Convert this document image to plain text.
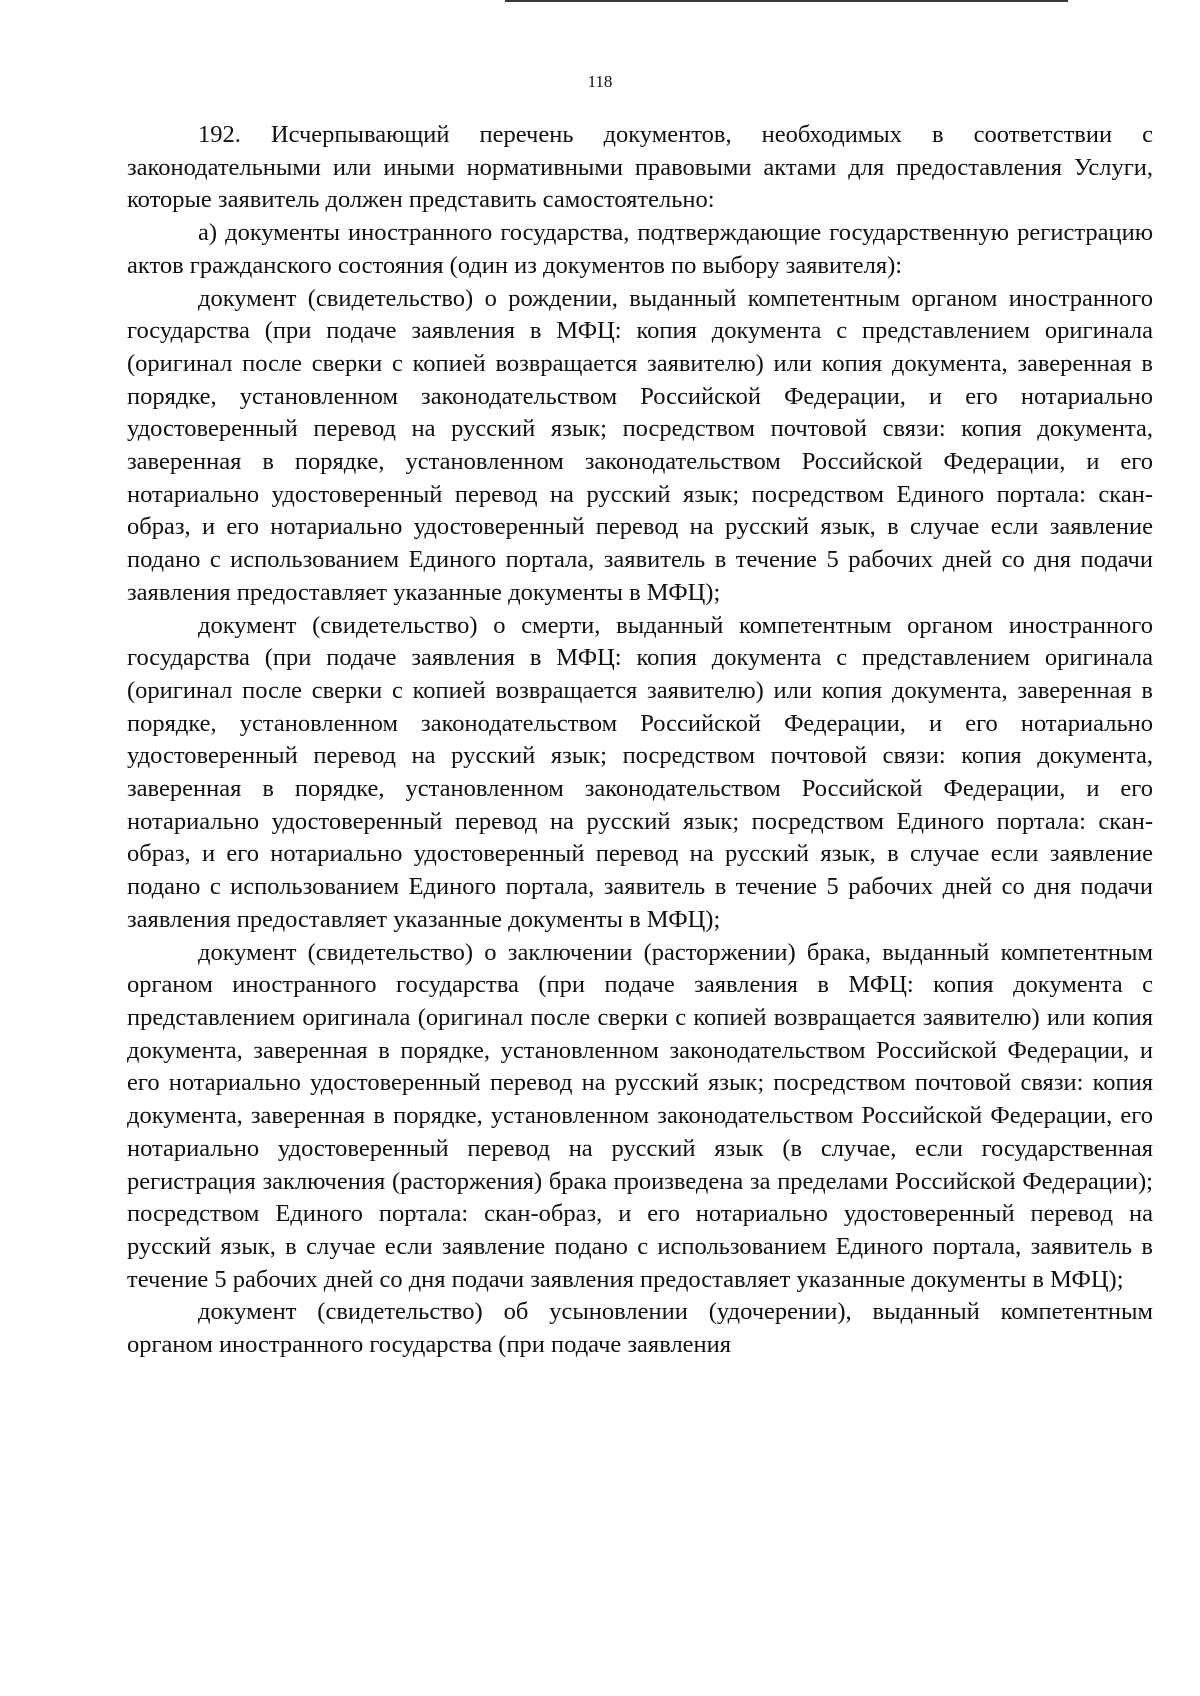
118

192. Исчерпывающий перечень документов, необходимых в соответствии с законодательными или иными нормативными правовыми актами для предоставления Услуги, которые заявитель должен представить самостоятельно:

а) документы иностранного государства, подтверждающие государственную регистрацию актов гражданского состояния (один из документов по выбору заявителя):

документ (свидетельство) о рождении, выданный компетентным органом иностранного государства (при подаче заявления в МФЦ: копия документа с представлением оригинала (оригинал после сверки с копией возвращается заявителю) или копия документа, заверенная в порядке, установленном законодательством Российской Федерации, и его нотариально удостоверенный перевод на русский язык; посредством почтовой связи: копия документа, заверенная в порядке, установленном законодательством Российской Федерации, и его нотариально удостоверенный перевод на русский язык; посредством Единого портала: скан-образ, и его нотариально удостоверенный перевод на русский язык, в случае если заявление подано с использованием Единого портала, заявитель в течение 5 рабочих дней со дня подачи заявления предоставляет указанные документы в МФЦ);

документ (свидетельство) о смерти, выданный компетентным органом иностранного государства (при подаче заявления в МФЦ: копия документа с представлением оригинала (оригинал после сверки с копией возвращается заявителю) или копия документа, заверенная в порядке, установленном законодательством Российской Федерации, и его нотариально удостоверенный перевод на русский язык; посредством почтовой связи: копия документа, заверенная в порядке, установленном законодательством Российской Федерации, и его нотариально удостоверенный перевод на русский язык; посредством Единого портала: скан-образ, и его нотариально удостоверенный перевод на русский язык, в случае если заявление подано с использованием Единого портала, заявитель в течение 5 рабочих дней со дня подачи заявления предоставляет указанные документы в МФЦ);

документ (свидетельство) о заключении (расторжении) брака, выданный компетентным органом иностранного государства (при подаче заявления в МФЦ: копия документа с представлением оригинала (оригинал после сверки с копией возвращается заявителю) или копия документа, заверенная в порядке, установленном законодательством Российской Федерации, и его нотариально удостоверенный перевод на русский язык; посредством почтовой связи: копия документа, заверенная в порядке, установленном законодательством Российской Федерации, его нотариально удостоверенный перевод на русский язык (в случае, если государственная регистрация заключения (расторжения) брака произведена за пределами Российской Федерации); посредством Единого портала: скан-образ, и его нотариально удостоверенный перевод на русский язык, в случае если заявление подано с использованием Единого портала, заявитель в течение 5 рабочих дней со дня подачи заявления предоставляет указанные документы в МФЦ);

документ (свидетельство) об усыновлении (удочерении), выданный компетентным органом иностранного государства (при подаче заявления
